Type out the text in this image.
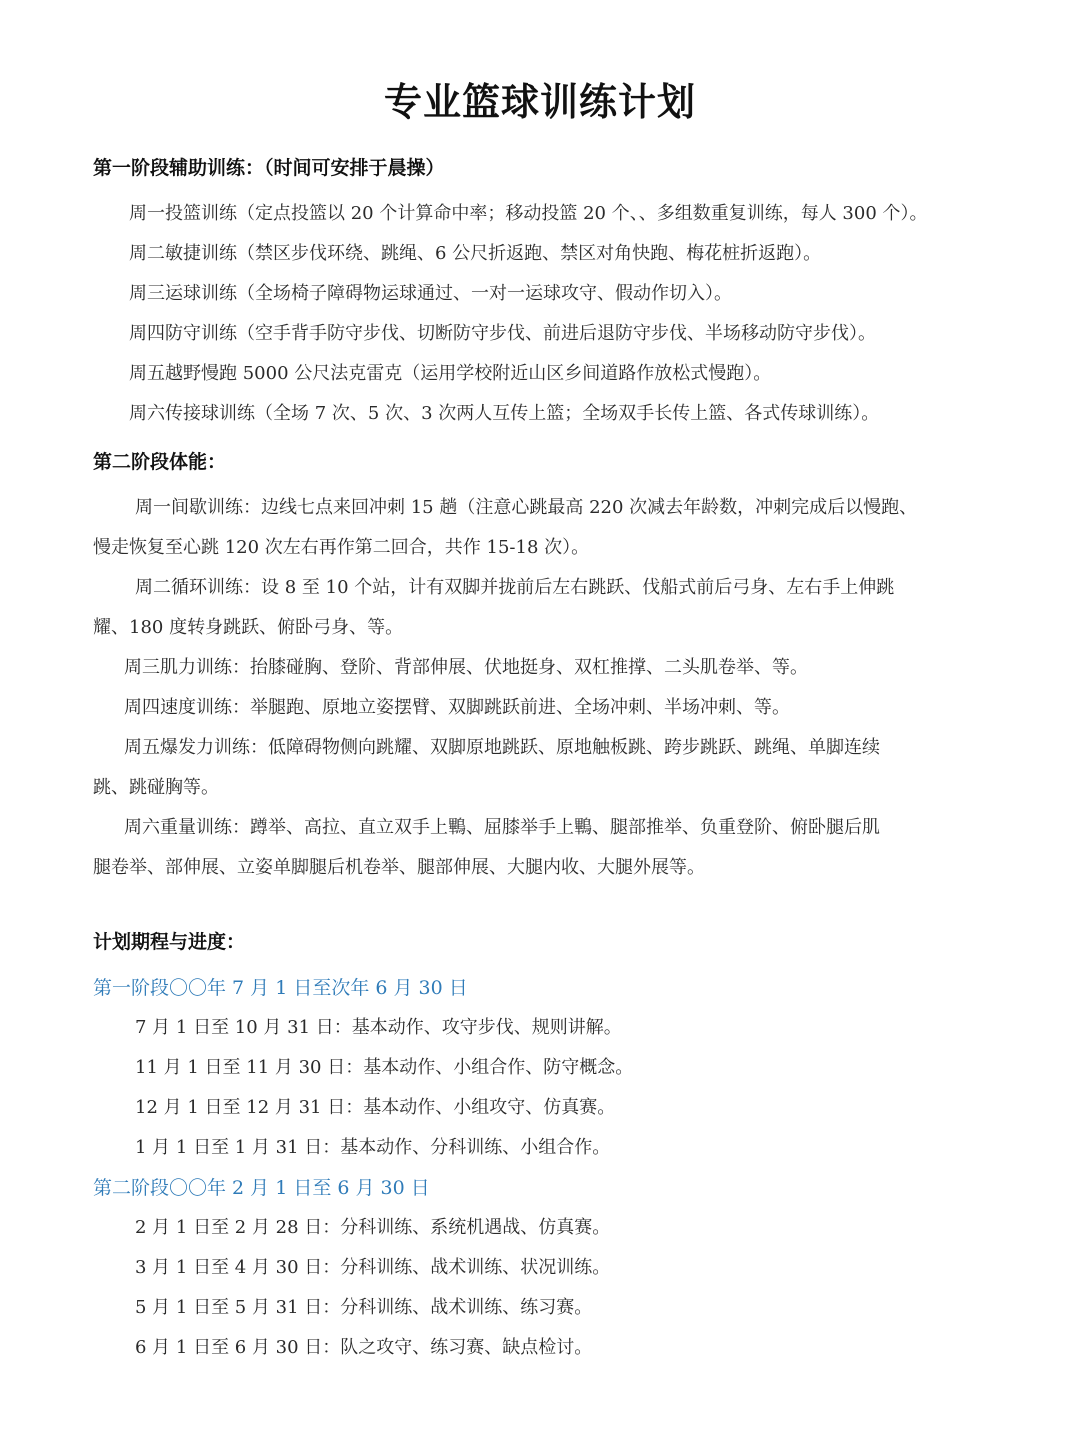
专业篮球训练计划
第一阶段辅助训练：（时间可安排于晨操）
周一投篮训练（定点投篮以 20 个计算命中率；移动投篮 20 个、、多组数重复训练，每人 300 个）。
周二敏捷训练（禁区步伐环绕、跳绳、6 公尺折返跑、禁区对角快跑、梅花桩折返跑）。
周三运球训练（全场椅子障碍物运球通过、一对一运球攻守、假动作切入）。
周四防守训练（空手背手防守步伐、切断防守步伐、前进后退防守步伐、半场移动防守步伐）。
周五越野慢跑 5000 公尺法克雷克（运用学校附近山区乡间道路作放松式慢跑）。
周六传接球训练（全场 7 次、5 次、3 次两人互传上篮；全场双手长传上篮、各式传球训练）。
第二阶段体能：
周一间歇训练：边线七点来回冲刺 15 趟（注意心跳最高 220 次减去年龄数，冲刺完成后以慢跑、
慢走恢复至心跳 120 次左右再作第二回合，共作 15-18 次）。
周二循环训练：设 8 至 10 个站，计有双脚并拢前后左右跳跃、伐船式前后弓身、左右手上伸跳
耀、180 度转身跳跃、俯卧弓身、等。
周三肌力训练：抬膝碰胸、登阶、背部伸展、伏地挺身、双杠推撑、二头肌卷举、等。
周四速度训练：举腿跑、原地立姿摆臂、双脚跳跃前进、全场冲刺、半场冲刺、等。
周五爆发力训练：低障碍物侧向跳耀、双脚原地跳跃、原地触板跳、跨步跳跃、跳绳、单脚连续
跳、跳碰胸等。
周六重量训练：蹲举、高拉、直立双手上鷝、屈膝举手上鷝、腿部推举、负重登阶、俯卧腿后肌
腿卷举、部伸展、立姿单脚腿后机卷举、腿部伸展、大腿内收、大腿外展等。
计划期程与进度：
第一阶段〇〇年 7 月 1 日至次年 6 月 30 日
7 月 1 日至 10 月 31 日：基本动作、攻守步伐、规则讲解。
11 月 1 日至 11 月 30 日：基本动作、小组合作、防守概念。
12 月 1 日至 12 月 31 日：基本动作、小组攻守、仿真赛。
1 月 1 日至 1 月 31 日：基本动作、分科训练、小组合作。
第二阶段〇〇年 2 月 1 日至 6 月 30 日
2 月 1 日至 2 月 28 日：分科训练、系统机遇战、仿真赛。
3 月 1 日至 4 月 30 日：分科训练、战术训练、状况训练。
5 月 1 日至 5 月 31 日：分科训练、战术训练、练习赛。
6 月 1 日至 6 月 30 日：队之攻守、练习赛、缺点检讨。
